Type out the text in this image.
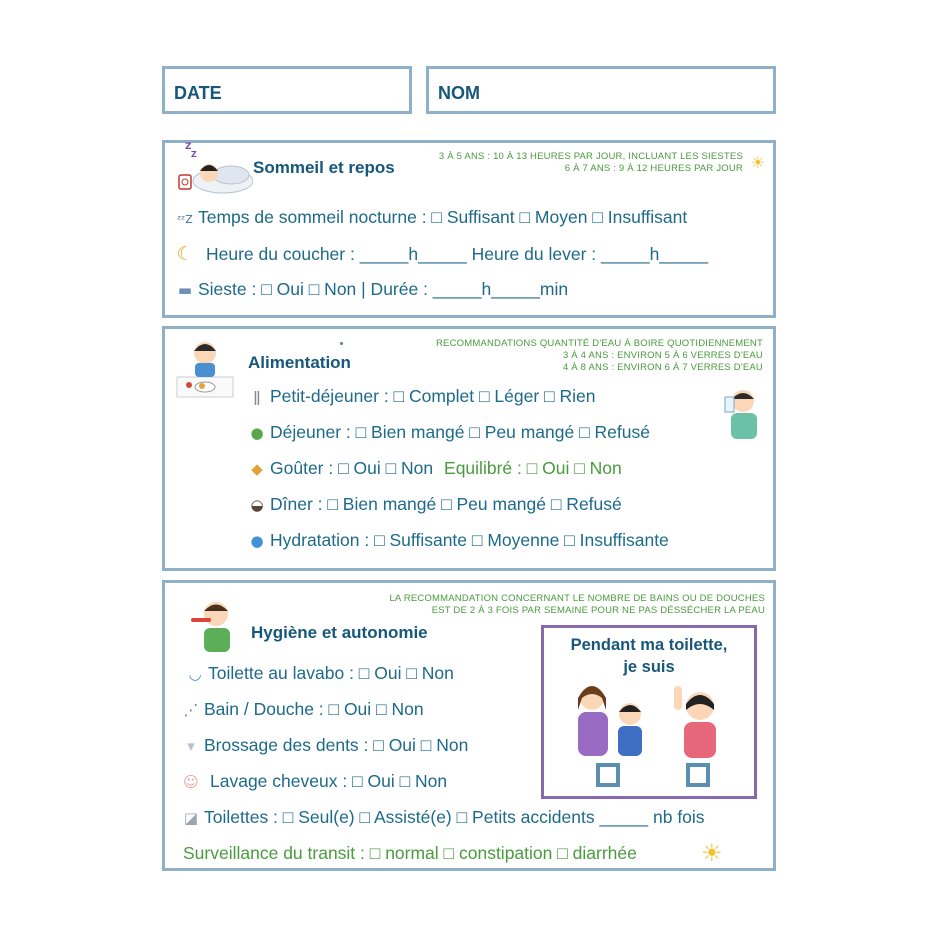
DATE	NOM
Z
Z
Sommeil et repos
3 À 5 ANS : 10 À 13 HEURES PAR JOUR, INCLUANT LES SIESTES
6 À 7 ANS : 9 À 12 HEURES PAR JOUR ☀
ᶻᶻZ Temps de sommeil nocturne : □ Suffisant □ Moyen □ Insuffisant
☾ Heure du coucher : _____h_____ Heure du lever : _____h_____
▬ Sieste : □ Oui □ Non | Durée : _____h_____min
Alimentation
RECOMMANDATIONS QUANTITÉ D'EAU À BOIRE QUOTIDIENNEMENT
3 À 4 ANS : ENVIRON 5 À 6 VERRES D'EAU
4 À 8 ANS : ENVIRON 6 À 7 VERRES D'EAU
ǁ Petit-déjeuner : □ Complet □ Léger □ Rien
● Déjeuner : □ Bien mangé □ Peu mangé □ Refusé
◆ Goûter : □ Oui □ Non Equilibré : □ Oui □ Non
◒ Dîner : □ Bien mangé □ Peu mangé □ Refusé
● Hydratation : □ Suffisante □ Moyenne □ Insuffisante
LA RECOMMANDATION CONCERNANT LE NOMBRE DE BAINS OU DE DOUCHES
EST DE 2 À 3 FOIS PAR SEMAINE POUR NE PAS DÉSSÉCHER LA PEAU
Hygiène et autonomie
◡ Toilette au lavabo : □ Oui □ Non
⋰ Bain / Douche : □ Oui □ Non
▾ Brossage des dents : □ Oui □ Non
☺ Lavage cheveux : □ Oui □ Non
◪ Toilettes : □ Seul(e) □ Assisté(e) □ Petits accidents _____ nb fois
Surveillance du transit : □ normal □ constipation □ diarrhée	☀
Pendant ma toilette, je suis
